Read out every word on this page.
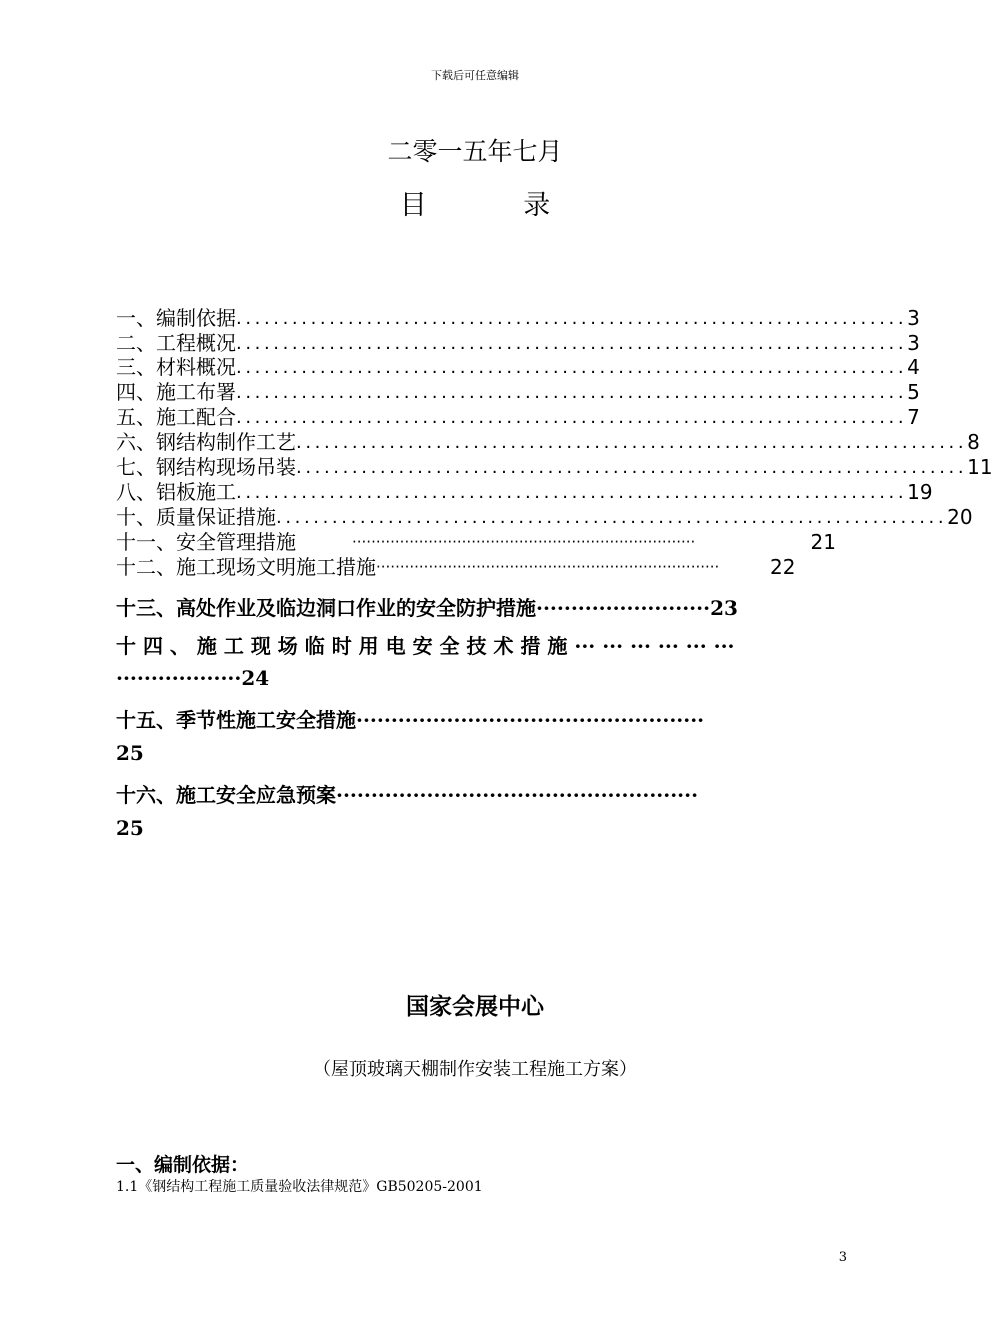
下载后可任意编辑
二零一五年七月
目 录
一、编制依据 ........................................................................ 3
二、工程概况 ........................................................................ 3
三、材料概况 ........................................................................ 4
四、施工布署 ........................................................................ 5
五、施工配合 ........................................................................ 7
六、钢结构制作工艺 ........................................................................ 8
七、钢结构现场吊装 ........................................................................ 11
八、铝板施工 ........................................................................ 19
十、质量保证措施 ........................................................................ 20
十一、安全管理措施	········································································	21
十二、施工现场文明施工措施 ········································································	22
十三、高处作业及临边洞口作业的安全防护措施·························23
十 四 、 施 工 现 场 临 时 用 电 安 全 技 术 措 施 ··· ··· ··· ··· ··· ···
··················24
十五、季节性施工安全措施··················································
25
十六、施工安全应急预案····················································
25
国家会展中心
（屋顶玻璃天棚制作安装工程施工方案）
一、编制依据：
1.1《钢结构工程施工质量验收法律规范》GB50205-2001
3
